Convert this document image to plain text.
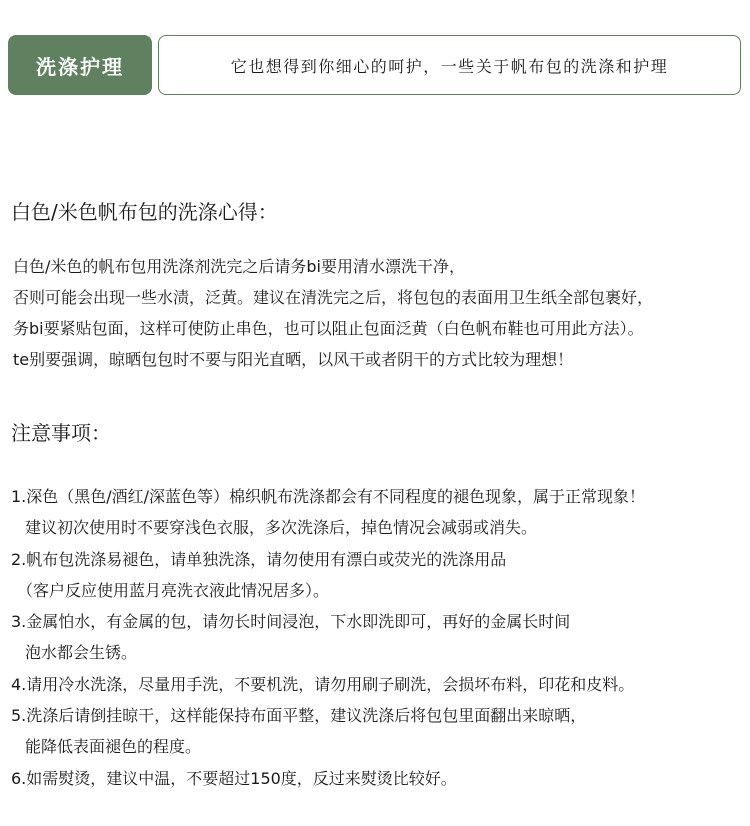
洗涤护理	它也想得到你细心的呵护，一些关于帆布包的洗涤和护理
白色/米色帆布包的洗涤心得：
白色/米色的帆布包用洗涤剂洗完之后请务bi要用清水漂洗干净，
否则可能会出现一些水渍，泛黄。建议在清洗完之后，将包包的表面用卫生纸全部包裹好，
务bi要紧贴包面，这样可使防止串色，也可以阻止包面泛黄（白色帆布鞋也可用此方法）。
te别要强调，晾晒包包时不要与阳光直晒，以风干或者阴干的方式比较为理想！
注意事项：
1.深色（黑色/酒红/深蓝色等）棉织帆布洗涤都会有不同程度的褪色现象，属于正常现象！
建议初次使用时不要穿浅色衣服，多次洗涤后，掉色情况会减弱或消失。
2.帆布包洗涤易褪色，请单独洗涤，请勿使用有漂白或荧光的洗涤用品
（客户反应使用蓝月亮洗衣液此情况居多）。
3.金属怕水，有金属的包，请勿长时间浸泡，下水即洗即可，再好的金属长时间
泡水都会生锈。
4.请用冷水洗涤，尽量用手洗，不要机洗，请勿用刷子刷洗，会损坏布料，印花和皮料。
5.洗涤后请倒挂晾干，这样能保持布面平整，建议洗涤后将包包里面翻出来晾晒，
能降低表面褪色的程度。
6.如需熨烫，建议中温，不要超过150度，反过来熨烫比较好。
